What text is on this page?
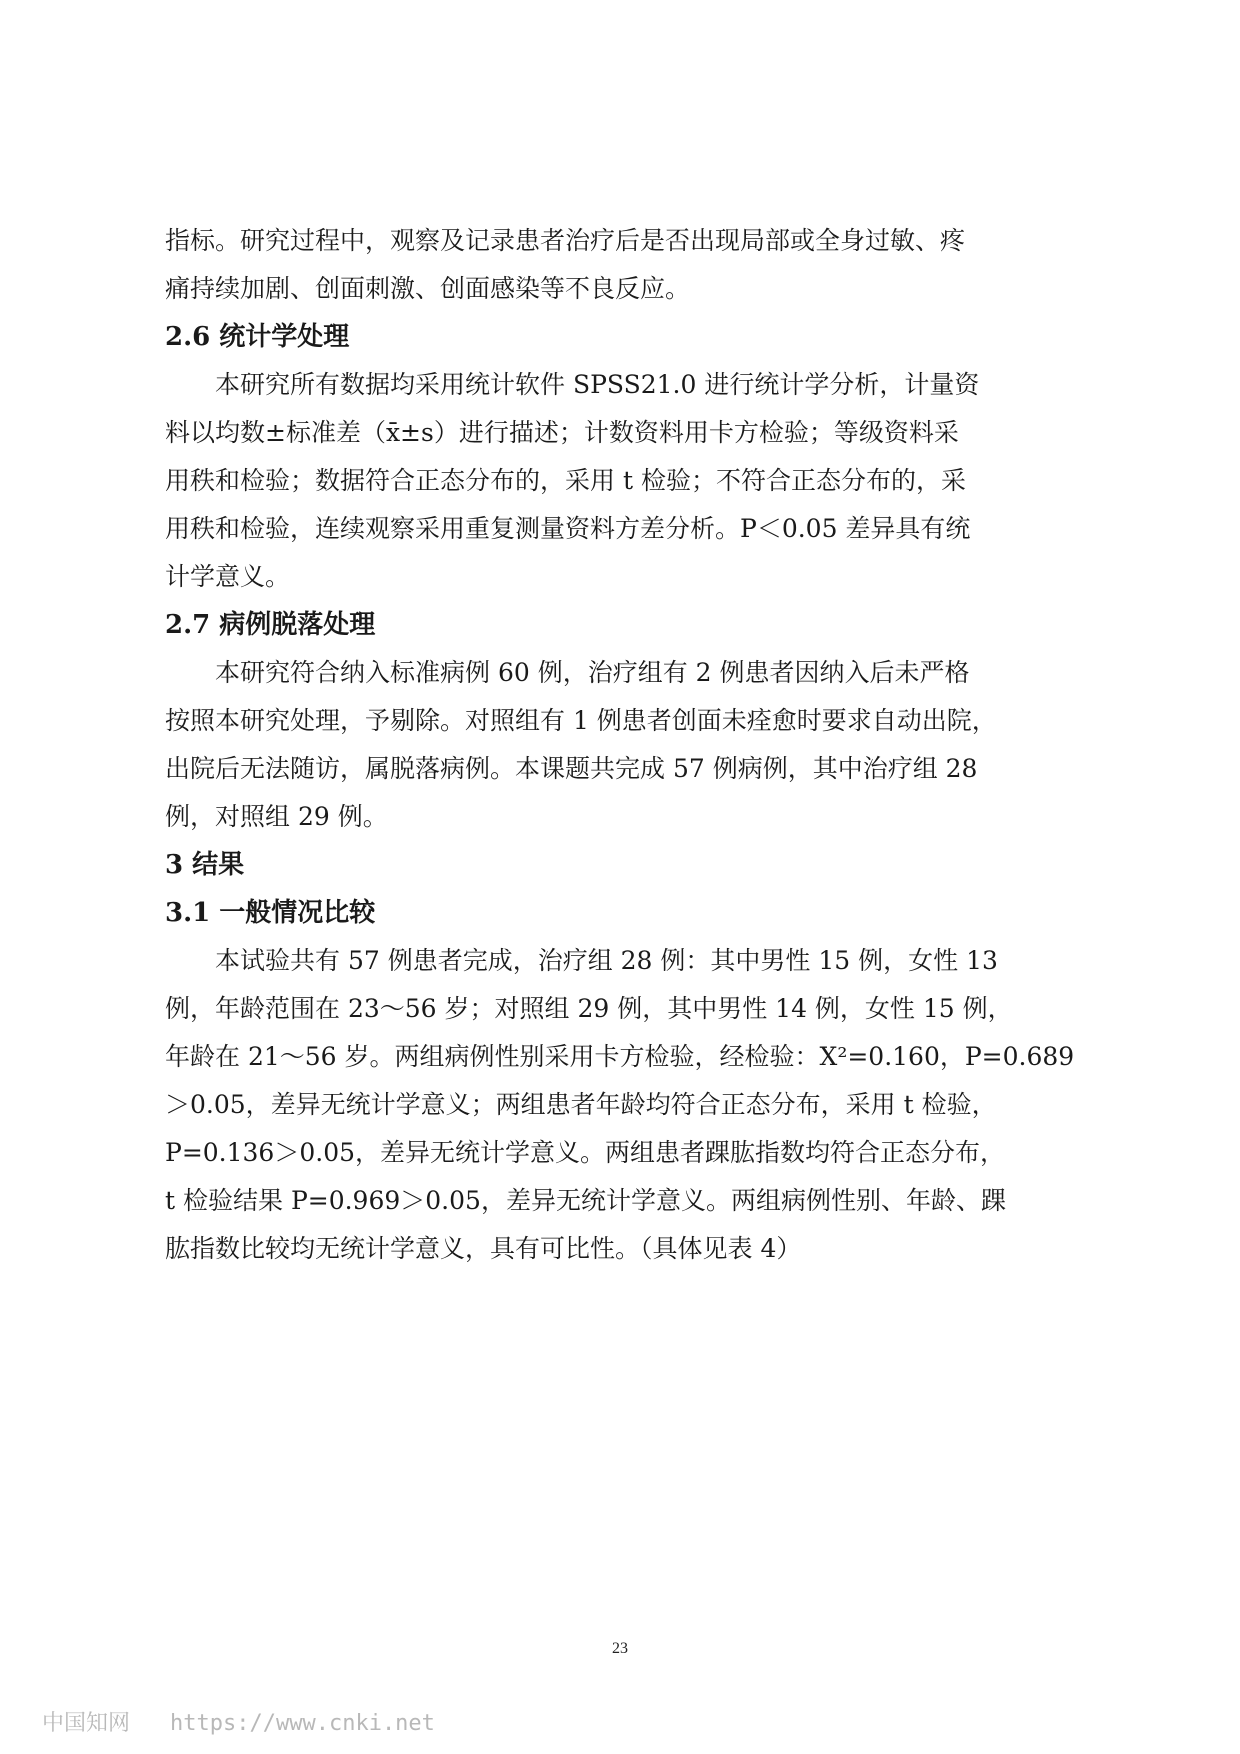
指标。研究过程中，观察及记录患者治疗后是否出现局部或全身过敏、疼
痛持续加剧、创面刺激、创面感染等不良反应。
2.6 统计学处理
　　本研究所有数据均采用统计软件 SPSS21.0 进行统计学分析，计量资
料以均数±标准差（x̄±s）进行描述；计数资料用卡方检验；等级资料采
用秩和检验；数据符合正态分布的，采用 t 检验；不符合正态分布的，采
用秩和检验，连续观察采用重复测量资料方差分析。P＜0.05 差异具有统
计学意义。
2.7 病例脱落处理
　　本研究符合纳入标准病例 60 例，治疗组有 2 例患者因纳入后未严格
按照本研究处理，予剔除。对照组有 1 例患者创面未痊愈时要求自动出院，
出院后无法随访，属脱落病例。本课题共完成 57 例病例，其中治疗组 28
例，对照组 29 例。
3 结果
3.1 一般情况比较
　　本试验共有 57 例患者完成，治疗组 28 例：其中男性 15 例，女性 13
例，年龄范围在 23～56 岁；对照组 29 例，其中男性 14 例，女性 15 例，
年龄在 21～56 岁。两组病例性别采用卡方检验，经检验：X²=0.160，P=0.689
＞0.05，差异无统计学意义；两组患者年龄均符合正态分布，采用 t 检验，
P=0.136＞0.05，差异无统计学意义。两组患者踝肱指数均符合正态分布，
t 检验结果 P=0.969＞0.05，差异无统计学意义。两组病例性别、年龄、踝
肱指数比较均无统计学意义，具有可比性。（具体见表 4）
23
中国知网 https://www.cnki.net
